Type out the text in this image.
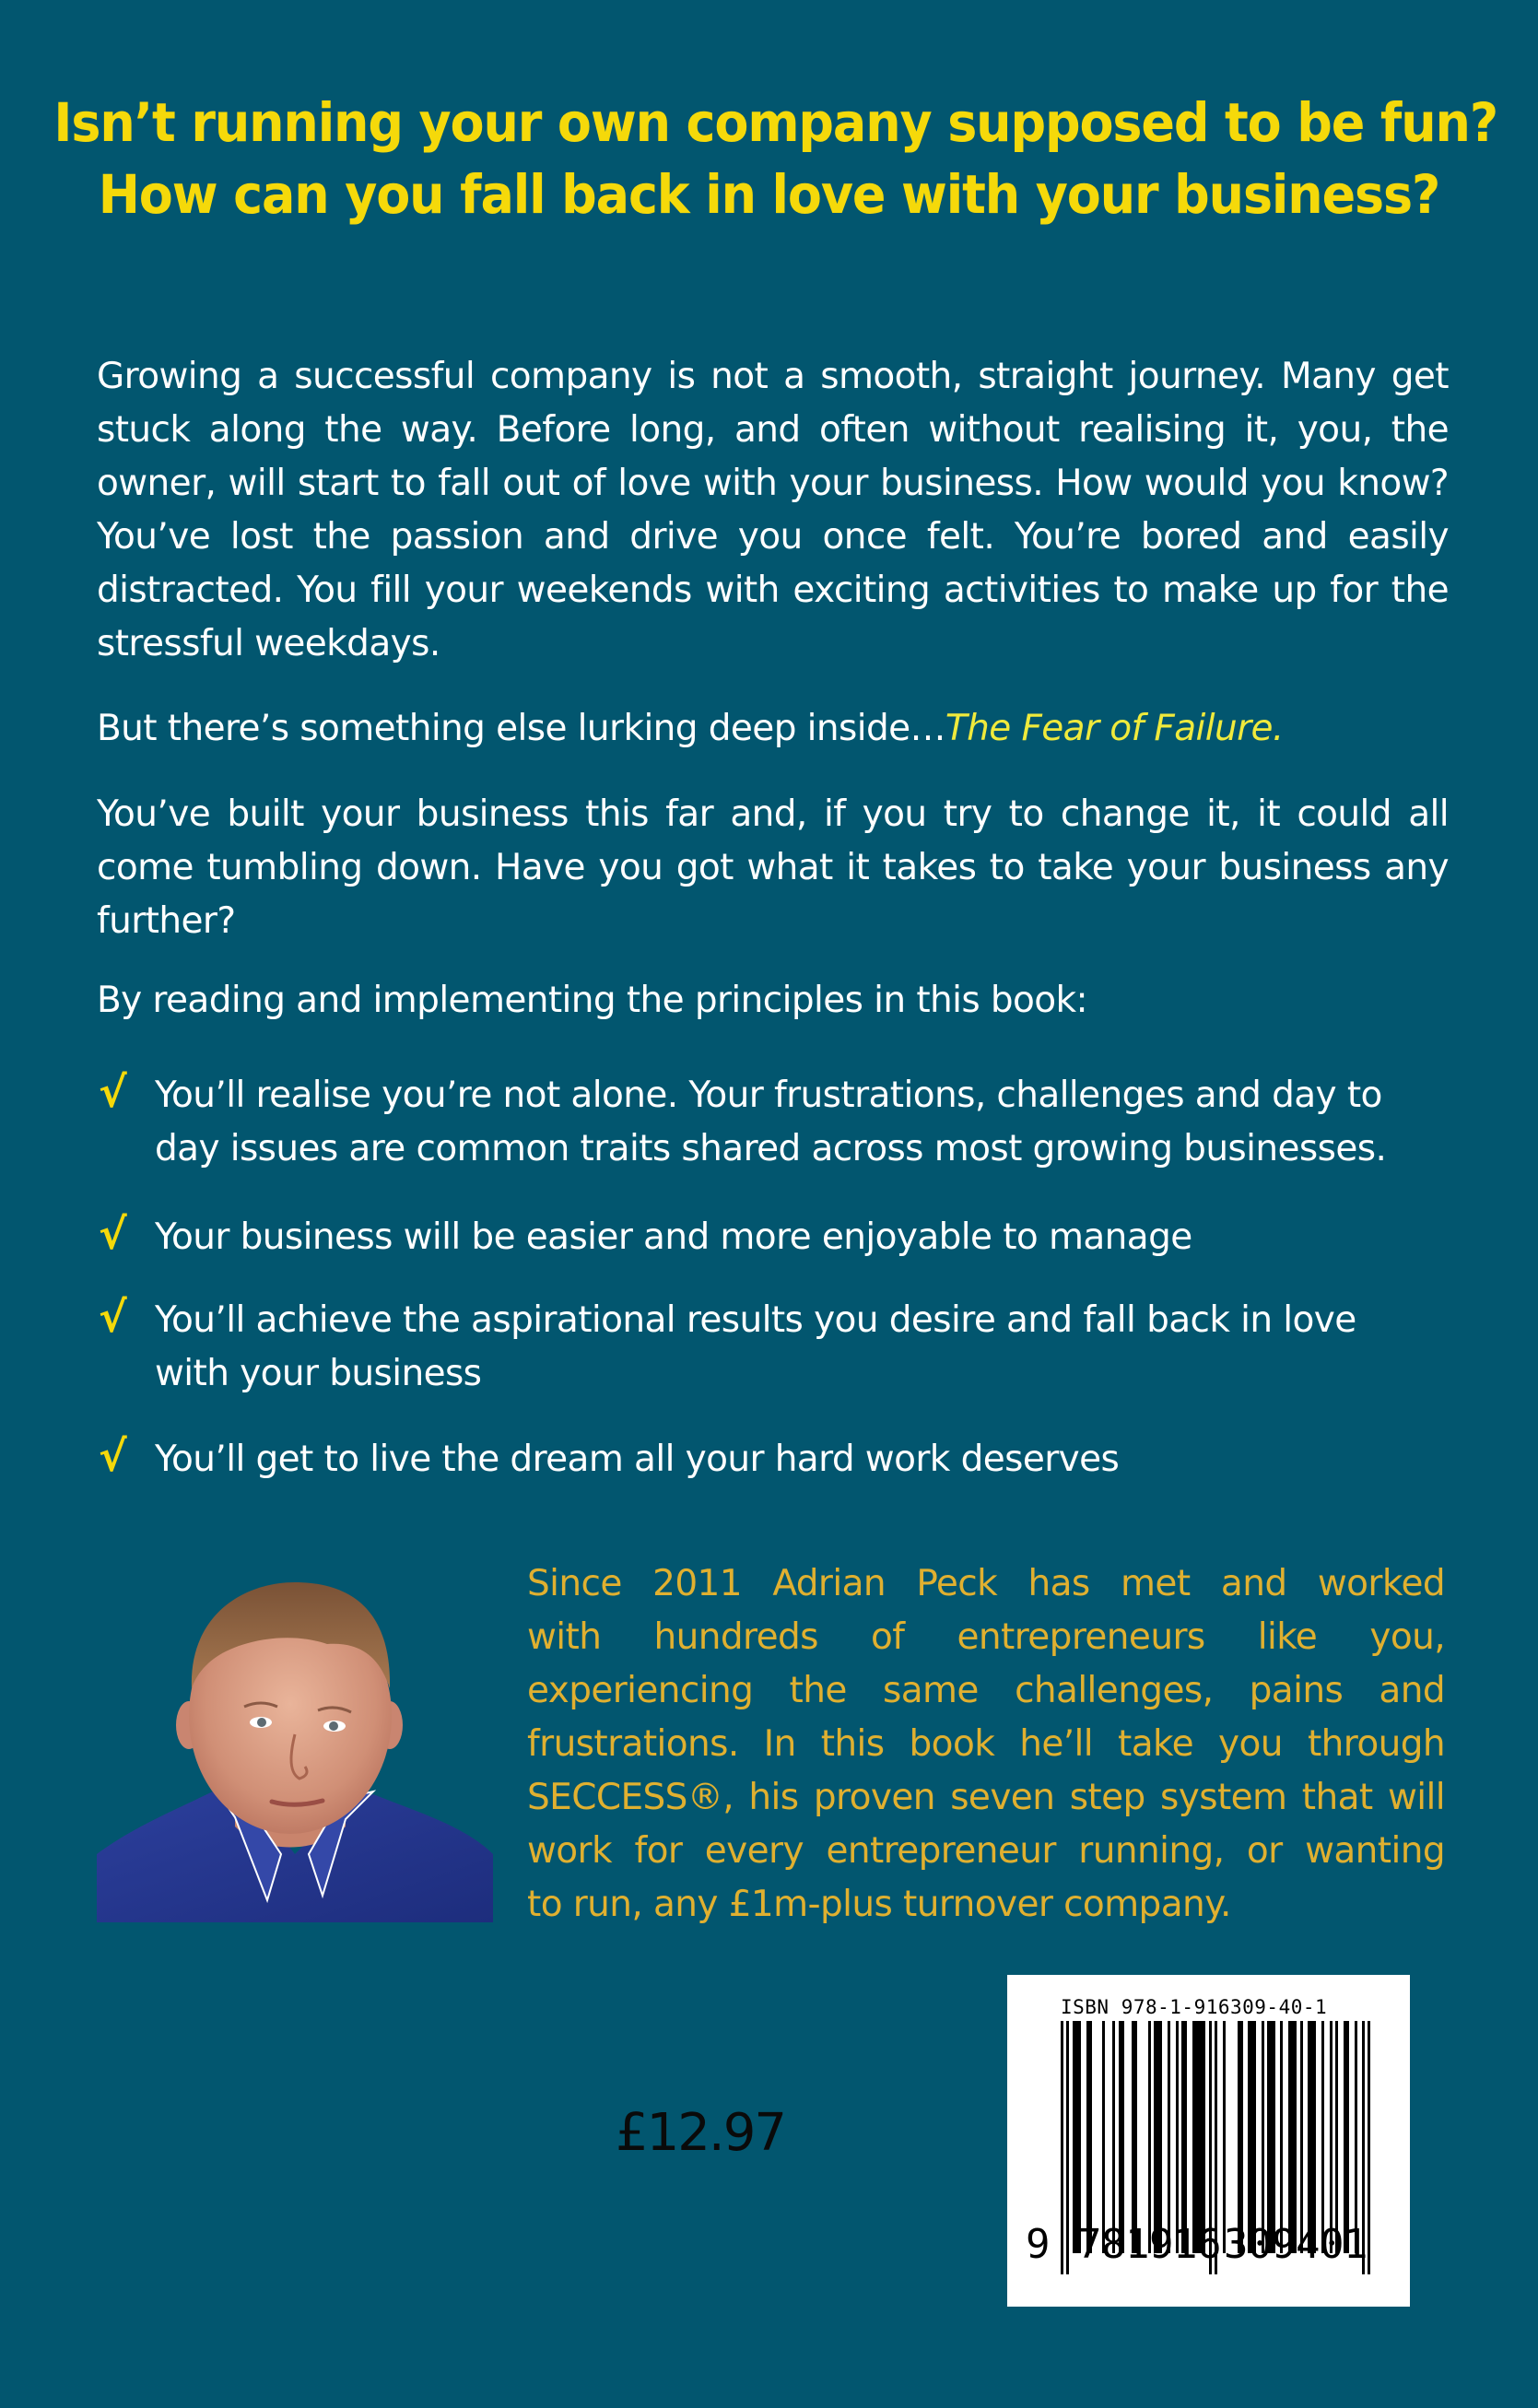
Isn’t running your own company supposed to be fun?
How can you fall back in love with your business?
Growing a successful company is not a smooth, straight journey. Many get
stuck along the way. Before long, and often without realising it, you, the
owner, will start to fall out of love with your business. How would you know?
You’ve lost the passion and drive you once felt. You’re bored and easily
distracted. You fill your weekends with exciting activities to make up for the
stressful weekdays.
But there’s something else lurking deep inside…The Fear of Failure.
You’ve built your business this far and, if you try to change it, it could all
come tumbling down. Have you got what it takes to take your business any
further?
By reading and implementing the principles in this book:
√ You’ll realise you’re not alone. Your frustrations, challenges and day to
day issues are common traits shared across most growing businesses.
√ Your business will be easier and more enjoyable to manage
√ You’ll achieve the aspirational results you desire and fall back in love
with your business
√ You’ll get to live the dream all your hard work deserves
Since 2011 Adrian Peck has met and worked
with hundreds of entrepreneurs like you,
experiencing the same challenges, pains and
frustrations. In this book he’ll take you through
SECCESS®, his proven seven step system that will
work for every entrepreneur running, or wanting
to run, any £1m-plus turnover company.
£12.97
ISBN 978-1-916309-40-1
9 781916 309401
